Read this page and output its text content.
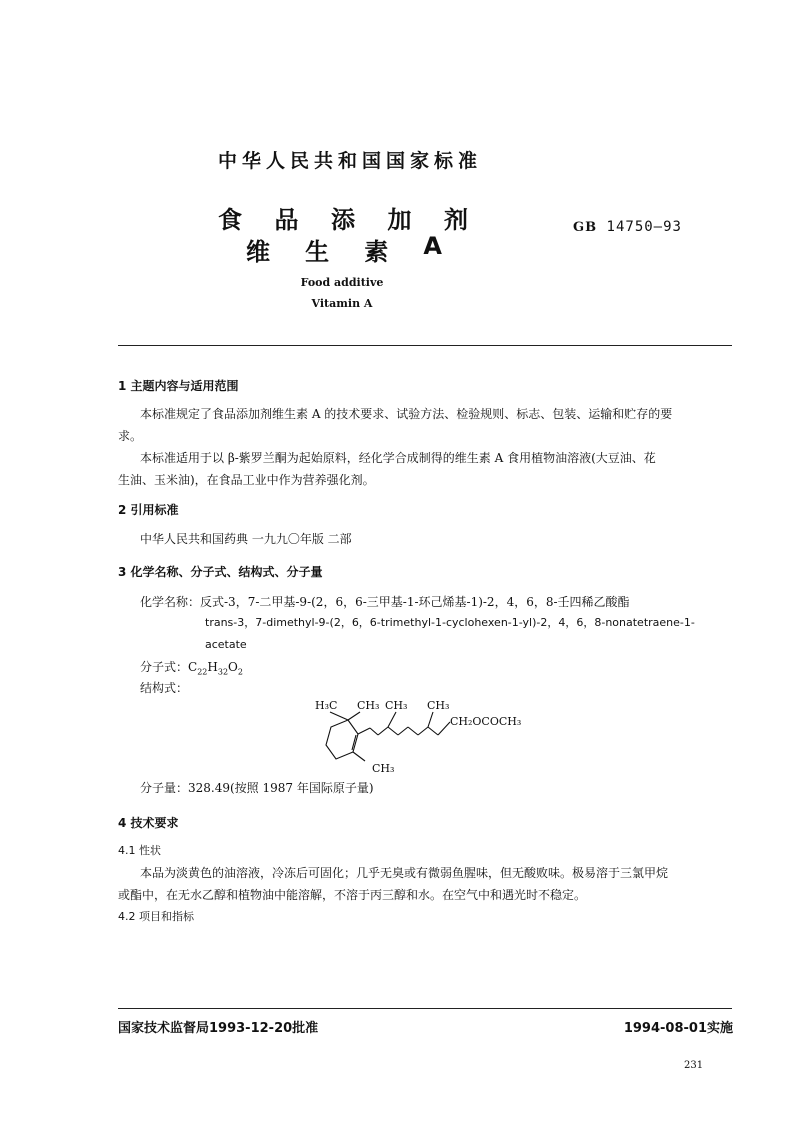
中华人民共和国国家标准
食 品 添 加 剂
维 生 素 A
GB 14750—93
Food additive
Vitamin A
1 主题内容与适用范围
本标准规定了食品添加剂维生素 A 的技术要求、试验方法、检验规则、标志、包装、运输和贮存的要
求。
本标准适用于以 β-紫罗兰酮为起始原料，经化学合成制得的维生素 A 食用植物油溶液(大豆油、花
生油、玉米油)，在食品工业中作为营养强化剂。
2 引用标准
中华人民共和国药典 一九九〇年版 二部
3 化学名称、分子式、结构式、分子量
化学名称：反式-3，7-二甲基-9-(2，6，6-三甲基-1-环己烯基-1)-2，4，6，8-壬四稀乙酸酯
trans-3，7-dimethyl-9-(2，6，6-trimethyl-1-cyclohexen-1-yl)-2，4，6，8-nonatetraene-1-
acetate
分子式：$C_{22}H_{32}O_2$
结构式：
H₃C CH₃ CH₃ CH₃
CH₂OCOCH₃
CH₃
分子量：328.49(按照 1987 年国际原子量)
4 技术要求
4.1 性状
本品为淡黄色的油溶液，冷冻后可固化；几乎无臭或有微弱鱼腥味，但无酸败味。极易溶于三氯甲烷
或酯中，在无水乙醇和植物油中能溶解，不溶于丙三醇和水。在空气中和遇光时不稳定。
4.2 项目和指标
国家技术监督局1993-12-20批准	1994-08-01实施
231
